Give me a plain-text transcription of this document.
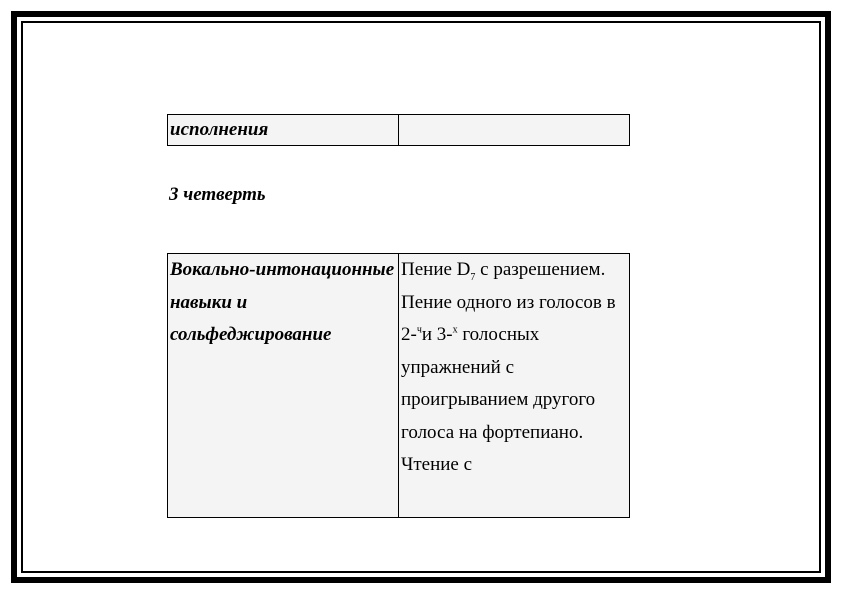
исполнения	
3 четверть
Вокально-интонационные навыки и сольфеджирование	Пение $D_7$ с разрешением. Пение одного из голосов в 2-$^ч$и 3-$^х$ голосных упражнений с проигрыванием другого голоса на фортепиано. Чтение с
